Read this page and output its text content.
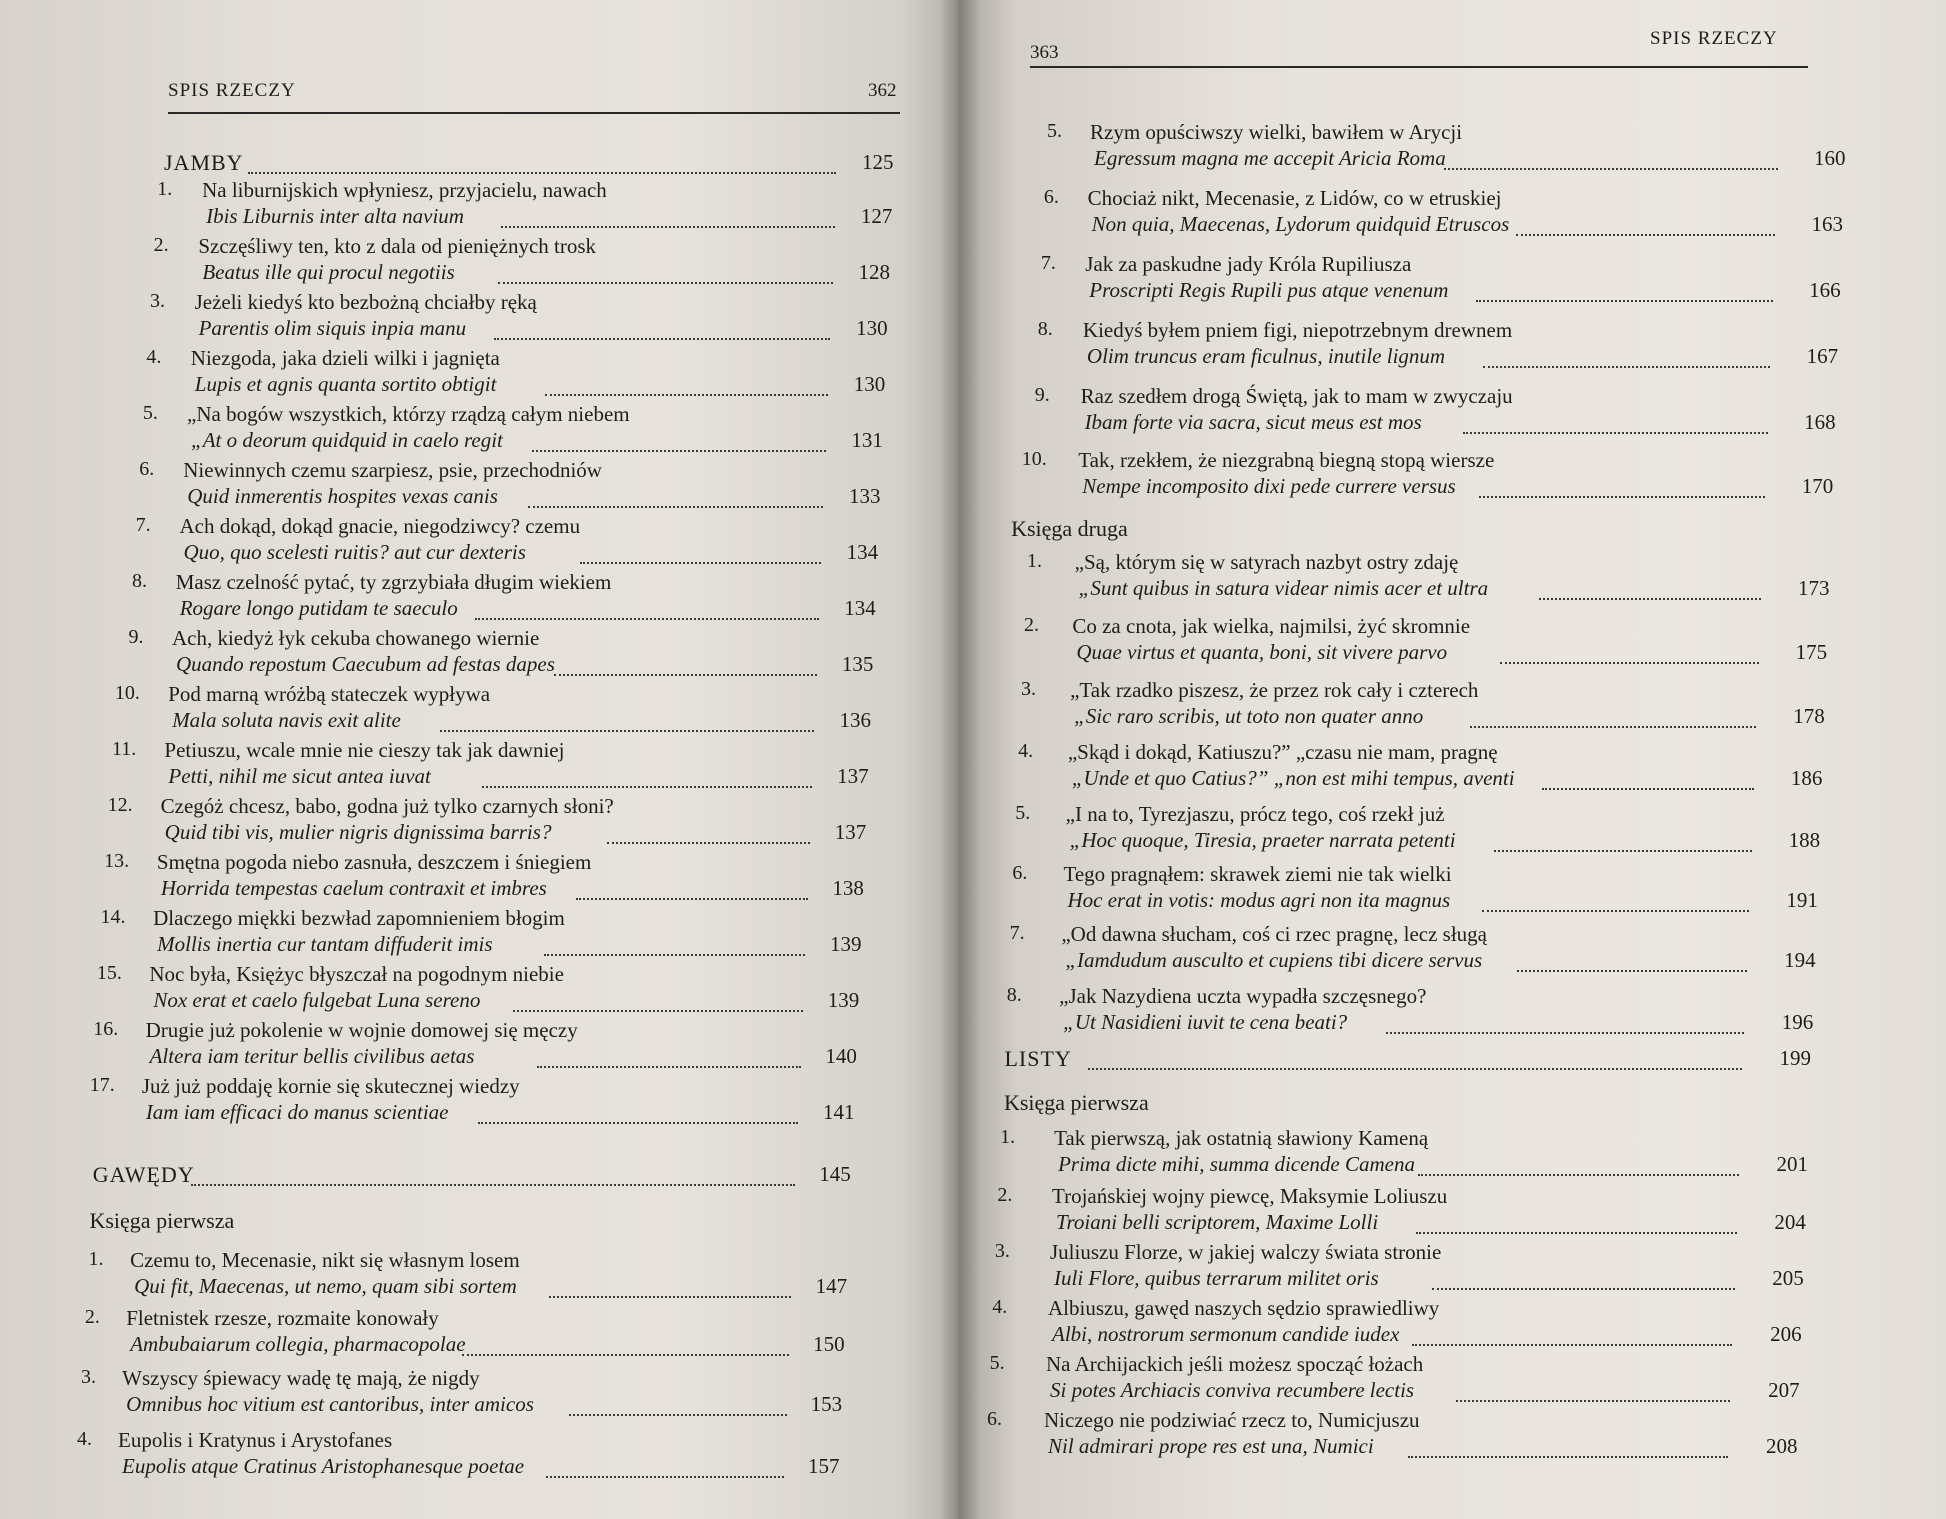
SPIS RZECZY	362
JAMBY	125
1. Na liburnijskich wpłyniesz, przyjacielu, nawach
Ibis Liburnis inter alta navium	127
2. Szczęśliwy ten, kto z dala od pieniężnych trosk
Beatus ille qui procul negotiis	128
3. Jeżeli kiedyś kto bezbożną chciałby ręką
Parentis olim siquis inpia manu	130
4. Niezgoda, jaka dzieli wilki i jagnięta
Lupis et agnis quanta sortito obtigit	130
5. „Na bogów wszystkich, którzy rządzą całym niebem
„At o deorum quidquid in caelo regit	131
6. Niewinnych czemu szarpiesz, psie, przechodniów
Quid inmerentis hospites vexas canis	133
7. Ach dokąd, dokąd gnacie, niegodziwcy? czemu
Quo, quo scelesti ruitis? aut cur dexteris	134
8. Masz czelność pytać, ty zgrzybiała długim wiekiem
Rogare longo putidam te saeculo	134
9. Ach, kiedyż łyk cekuba chowanego wiernie
Quando repostum Caecubum ad festas dapes	135
10. Pod marną wróżbą stateczek wypływa
Mala soluta navis exit alite	136
11. Petiuszu, wcale mnie nie cieszy tak jak dawniej
Petti, nihil me sicut antea iuvat	137
12. Czegóż chcesz, babo, godna już tylko czarnych słoni?
Quid tibi vis, mulier nigris dignissima barris?	137
13. Smętna pogoda niebo zasnuła, deszczem i śniegiem
Horrida tempestas caelum contraxit et imbres	138
14. Dlaczego miękki bezwład zapomnieniem błogim
Mollis inertia cur tantam diffuderit imis	139
15. Noc była, Księżyc błyszczał na pogodnym niebie
Nox erat et caelo fulgebat Luna sereno	139
16. Drugie już pokolenie w wojnie domowej się męczy
Altera iam teritur bellis civilibus aetas	140
17. Już już poddaję kornie się skutecznej wiedzy
Iam iam efficaci do manus scientiae	141
GAWĘDY	145
Księga pierwsza
1. Czemu to, Mecenasie, nikt się własnym losem
Qui fit, Maecenas, ut nemo, quam sibi sortem	147
2. Fletnistek rzesze, rozmaite konowały
Ambubaiarum collegia, pharmacopolae	150
3. Wszyscy śpiewacy wadę tę mają, że nigdy
Omnibus hoc vitium est cantoribus, inter amicos	153
4. Eupolis i Kratynus i Arystofanes
Eupolis atque Cratinus Aristophanesque poetae	157
363
SPIS RZECZY
5. Rzym opuściwszy wielki, bawiłem w Arycji
Egressum magna me accepit Aricia Roma	160
6. Chociaż nikt, Mecenasie, z Lidów, co w etruskiej
Non quia, Maecenas, Lydorum quidquid Etruscos	163
7. Jak za paskudne jady Króla Rupiliusza
Proscripti Regis Rupili pus atque venenum	166
8. Kiedyś byłem pniem figi, niepotrzebnym drewnem
Olim truncus eram ficulnus, inutile lignum	167
9. Raz szedłem drogą Świętą, jak to mam w zwyczaju
Ibam forte via sacra, sicut meus est mos	168
10. Tak, rzekłem, że niezgrabną biegną stopą wiersze
Nempe incomposito dixi pede currere versus	170
Księga druga
1. „Są, którym się w satyrach nazbyt ostry zdaję
„Sunt quibus in satura videar nimis acer et ultra	173
2. Co za cnota, jak wielka, najmilsi, żyć skromnie
Quae virtus et quanta, boni, sit vivere parvo	175
3. „Tak rzadko piszesz, że przez rok cały i czterech
„Sic raro scribis, ut toto non quater anno	178
4. „Skąd i dokąd, Katiuszu?” „czasu nie mam, pragnę
„Unde et quo Catius?” „non est mihi tempus, aventi	186
5. „I na to, Tyrezjaszu, prócz tego, coś rzekł już
„Hoc quoque, Tiresia, praeter narrata petenti	188
6. Tego pragnąłem: skrawek ziemi nie tak wielki
Hoc erat in votis: modus agri non ita magnus	191
7. „Od dawna słucham, coś ci rzec pragnę, lecz sługą
„Iamdudum ausculto et cupiens tibi dicere servus	194
8. „Jak Nazydiena uczta wypadła szczęsnego?
„Ut Nasidieni iuvit te cena beati?	196
LISTY	199
Księga pierwsza
1. Tak pierwszą, jak ostatnią sławiony Kameną
Prima dicte mihi, summa dicende Camena	201
2. Trojańskiej wojny piewcę, Maksymie Loliuszu
Troiani belli scriptorem, Maxime Lolli	204
3. Juliuszu Florze, w jakiej walczy świata stronie
Iuli Flore, quibus terrarum militet oris	205
4. Albiuszu, gawęd naszych sędzio sprawiedliwy
Albi, nostrorum sermonum candide iudex	206
5. Na Archijackich jeśli możesz spocząć łożach
Si potes Archiacis conviva recumbere lectis	207
6. Niczego nie podziwiać rzecz to, Numicjuszu
Nil admirari prope res est una, Numici	208
